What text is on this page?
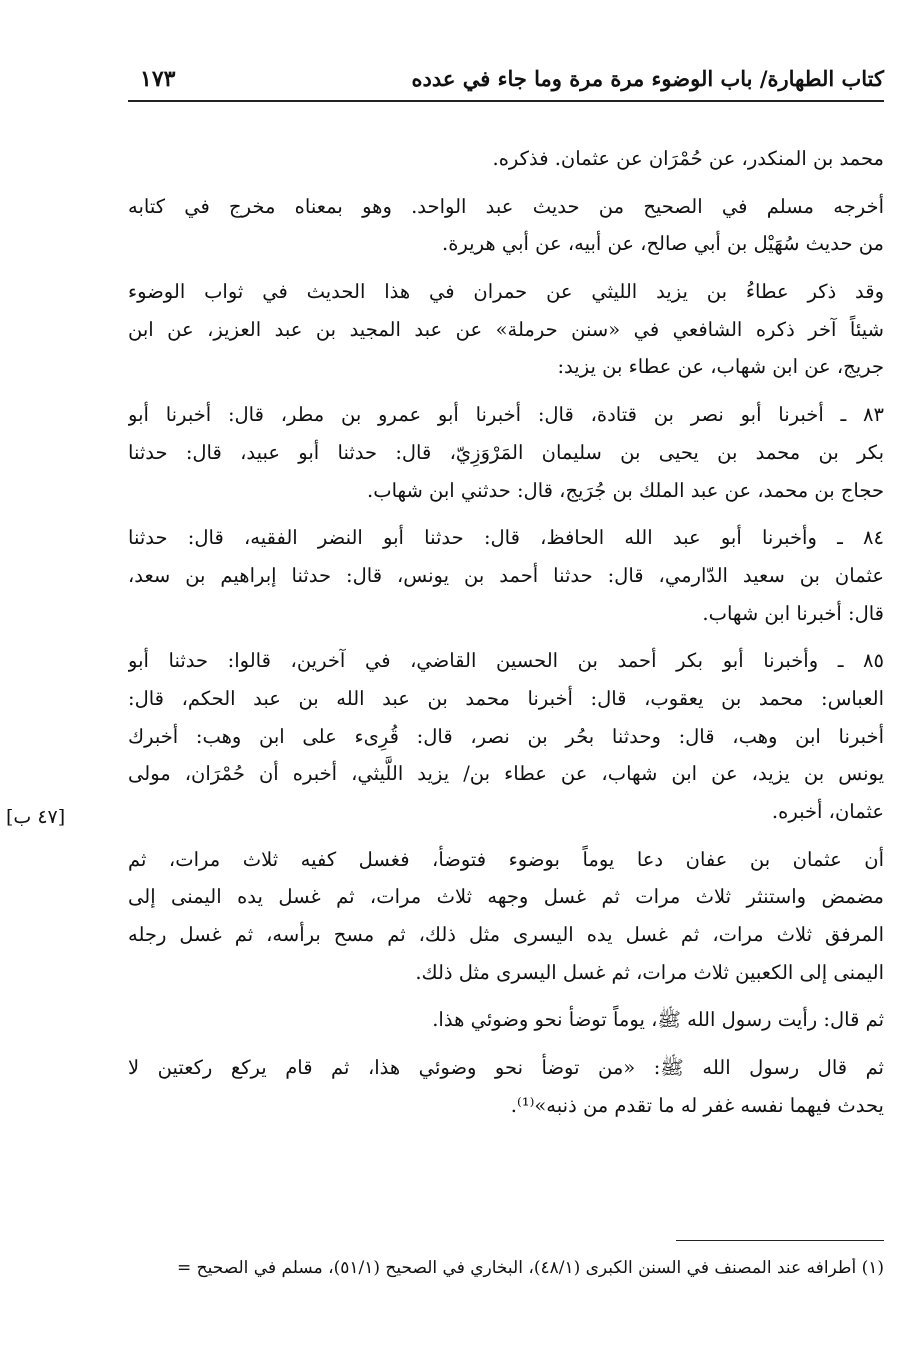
كتاب الطهارة/ باب الوضوء مرة مرة وما جاء في عدده
١٧٣
محمد بن المنكدر، عن حُمْرَان عن عثمان. فذكره.
أخرجه مسلم في الصحيح من حديث عبد الواحد. وهو بمعناه مخرج في كتابه
من حديث سُهَيْل بن أبي صالح، عن أبيه، عن أبي هريرة.
وقد ذكر عطاءُ بن يزيد الليثي عن حمران في هذا الحديث في ثواب الوضوء
شيئاً آخر ذكره الشافعي في «سنن حرملة» عن عبد المجيد بن عبد العزيز، عن ابن
جريج، عن ابن شهاب، عن عطاء بن يزيد:
٨٣ ـ أخبرنا أبو نصر بن قتادة، قال: أخبرنا أبو عمرو بن مطر، قال: أخبرنا أبو
بكر بن محمد بن يحيى بن سليمان المَرْوَزِيّ، قال: حدثنا أبو عبيد، قال: حدثنا
حجاج بن محمد، عن عبد الملك بن جُرَيج، قال: حدثني ابن شهاب.
٨٤ ـ وأخبرنا أبو عبد الله الحافظ، قال: حدثنا أبو النضر الفقيه، قال: حدثنا
عثمان بن سعيد الدّارمي، قال: حدثنا أحمد بن يونس، قال: حدثنا إبراهيم بن سعد،
قال: أخبرنا ابن شهاب.
٨٥ ـ وأخبرنا أبو بكر أحمد بن الحسين القاضي، في آخرين، قالوا: حدثنا أبو
العباس: محمد بن يعقوب، قال: أخبرنا محمد بن عبد الله بن عبد الحكم، قال:
أخبرنا ابن وهب، قال: وحدثنا بحُر بن نصر، قال: قُرِىء على ابن وهب: أخبرك
يونس بن يزيد، عن ابن شهاب، عن عطاء بن/ يزيد اللَّيثي، أخبره أن حُمْرَان، مولى
عثمان، أخبره.
أن عثمان بن عفان دعا يوماً بوضوء فتوضأ، فغسل كفيه ثلاث مرات، ثم
مضمض واستنثر ثلاث مرات ثم غسل وجهه ثلاث مرات، ثم غسل يده اليمنى إلى
المرفق ثلاث مرات، ثم غسل يده اليسرى مثل ذلك، ثم مسح برأسه، ثم غسل رجله
اليمنى إلى الكعبين ثلاث مرات، ثم غسل اليسرى مثل ذلك.
ثم قال: رأيت رسول الله ﷺ، يوماً توضأ نحو وضوئي هذا.
ثم قال رسول الله ﷺ: «من توضأ نحو وضوئي هذا، ثم قام يركع ركعتين لا
يحدث فيهما نفسه غفر له ما تقدم من ذنبه»⁽¹⁾.
[٤٧ ب]
(١) أطرافه عند المصنف في السنن الكبرى (٤٨/١)، البخاري في الصحيح (٥١/١)، مسلم في الصحيح =
